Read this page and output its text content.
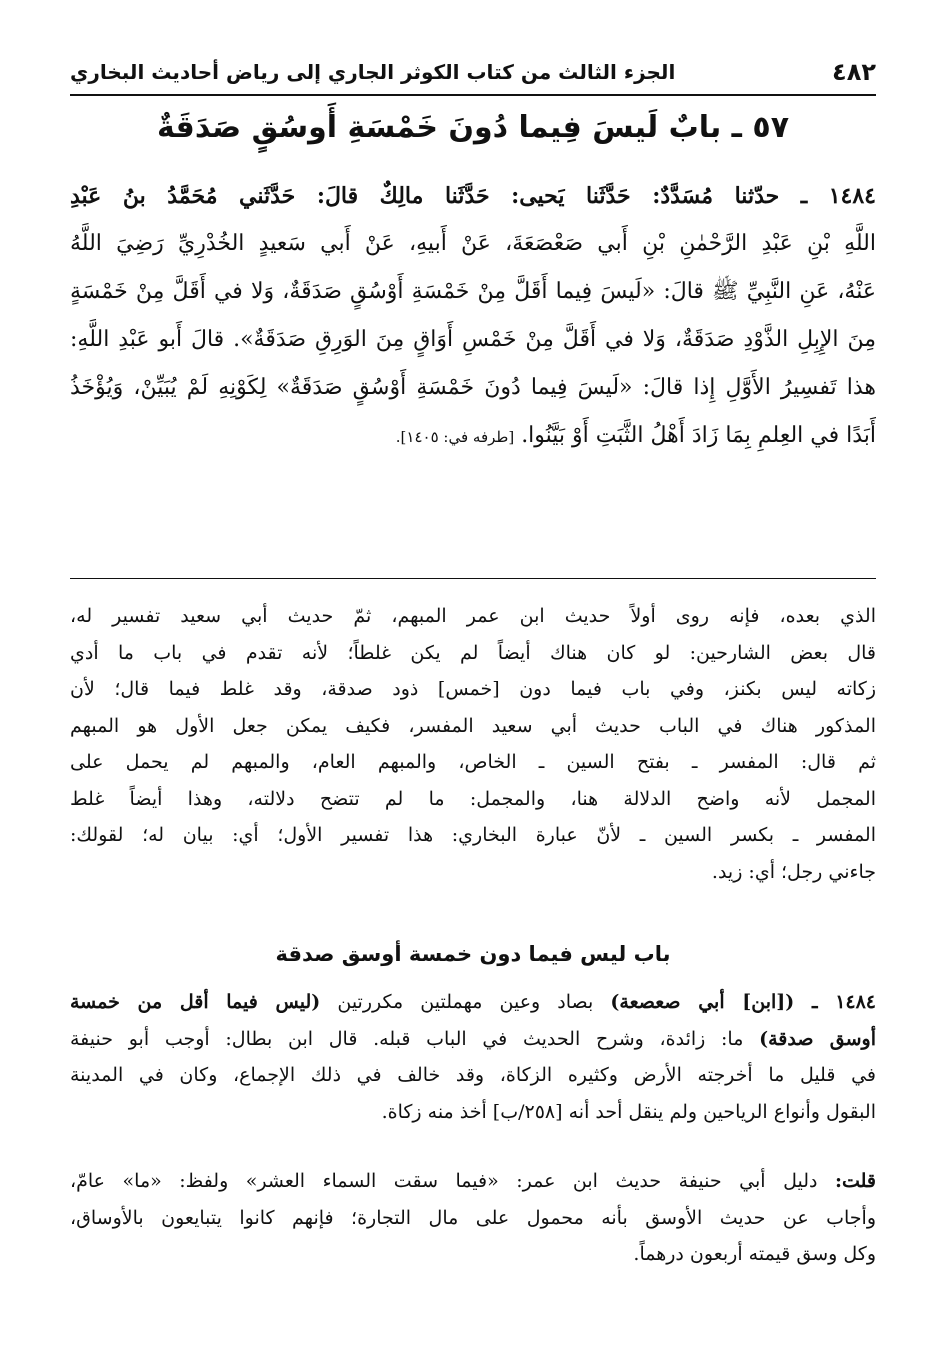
٤٨٢
الجزء الثالث من كتاب الكوثر الجاري إلى رياض أحاديث البخاري
٥٧ ـ بابٌ لَيسَ فِيما دُونَ خَمْسَةِ أَوسُقٍ صَدَقَةٌ
١٤٨٤ ـ حدّثنا مُسَدَّدٌ: حَدَّثَنا يَحيى: حَدَّثَنا مالِكٌ قالَ: حَدَّثَني مُحَمَّدُ بنُ عَبْدِ
اللَّهِ بْنِ عَبْدِ الرَّحْمٰنِ بْنِ أَبي صَعْصَعَةَ، عَنْ أَبيهِ، عَنْ أَبي سَعيدٍ الخُدْرِيِّ رَضِيَ اللَّهُ
عَنْهُ، عَنِ النَّبِيِّ ﷺ قالَ: «لَيسَ فِيما أَقَلَّ مِنْ خَمْسَةِ أَوْسُقٍ صَدَقَةٌ، وَلا في أَقَلَّ مِنْ خَمْسَةٍ
مِنَ الإِبِلِ الذَّوْدِ صَدَقَةٌ، وَلا في أَقَلَّ مِنْ خَمْسِ أَوَاقٍ مِنَ الوَرِقِ صَدَقَةٌ». قالَ أَبو عَبْدِ اللَّهِ:
هذا تَفسِيرُ الأَوَّلِ إِذا قالَ: «لَيسَ فِيما دُونَ خَمْسَةِ أَوْسُقٍ صَدَقَةٌ» لِكَوْنِهِ لَمْ يُبَيِّنْ، وَيُؤْخَذُ
أَبَدًا في العِلمِ بِمَا زَادَ أَهْلُ الثَّبَتِ أَوْ بَيَّنُوا. [طرفه في: ١٤٠٥].
الذي بعده، فإنه روى أولاً حديث ابن عمر المبهم، ثمّ حديث أبي سعيد تفسير له،
قال بعض الشارحين: لو كان هناك أيضاً لم يكن غلطاً؛ لأنه تقدم في باب ما أدي
زكاته ليس بكنز، وفي باب فيما دون [خمس] ذود صدقة، وقد غلط فيما قال؛ لأن
المذكور هناك في الباب حديث أبي سعيد المفسر، فكيف يمكن جعل الأول هو المبهم
ثم قال: المفسر ـ بفتح السين ـ الخاص، والمبهم العام، والمبهم لم يحمل على
المجمل لأنه واضح الدلالة هنا، والمجمل: ما لم تتضح دلالته، وهذا أيضاً غلط
المفسر ـ بكسر السين ـ لأنّ عبارة البخاري: هذا تفسير الأول؛ أي: بيان له؛ لقولك:
جاءني رجل؛ أي: زيد.
باب ليس فيما دون خمسة أوسق صدقة
١٤٨٤ ـ ([ابن] أبي صعصعة) بصاد وعين مهملتين مكررتين (ليس فيما أقل من خمسة
أوسق صدقة) ما: زائدة، وشرح الحديث في الباب قبله. قال ابن بطال: أوجب أبو حنيفة
في قليل ما أخرجته الأرض وكثيره الزكاة، وقد خالف في ذلك الإجماع، وكان في المدينة
البقول وأنواع الرياحين ولم ينقل أحد أنه [٢٥٨/ب] أخذ منه زكاة.
قلت: دليل أبي حنيفة حديث ابن عمر: «فيما سقت السماء العشر» ولفظ: «ما» عامّ،
وأجاب عن حديث الأوسق بأنه محمول على مال التجارة؛ فإنهم كانوا يتبايعون بالأوساق،
وكل وسق قيمته أربعون درهماً.
